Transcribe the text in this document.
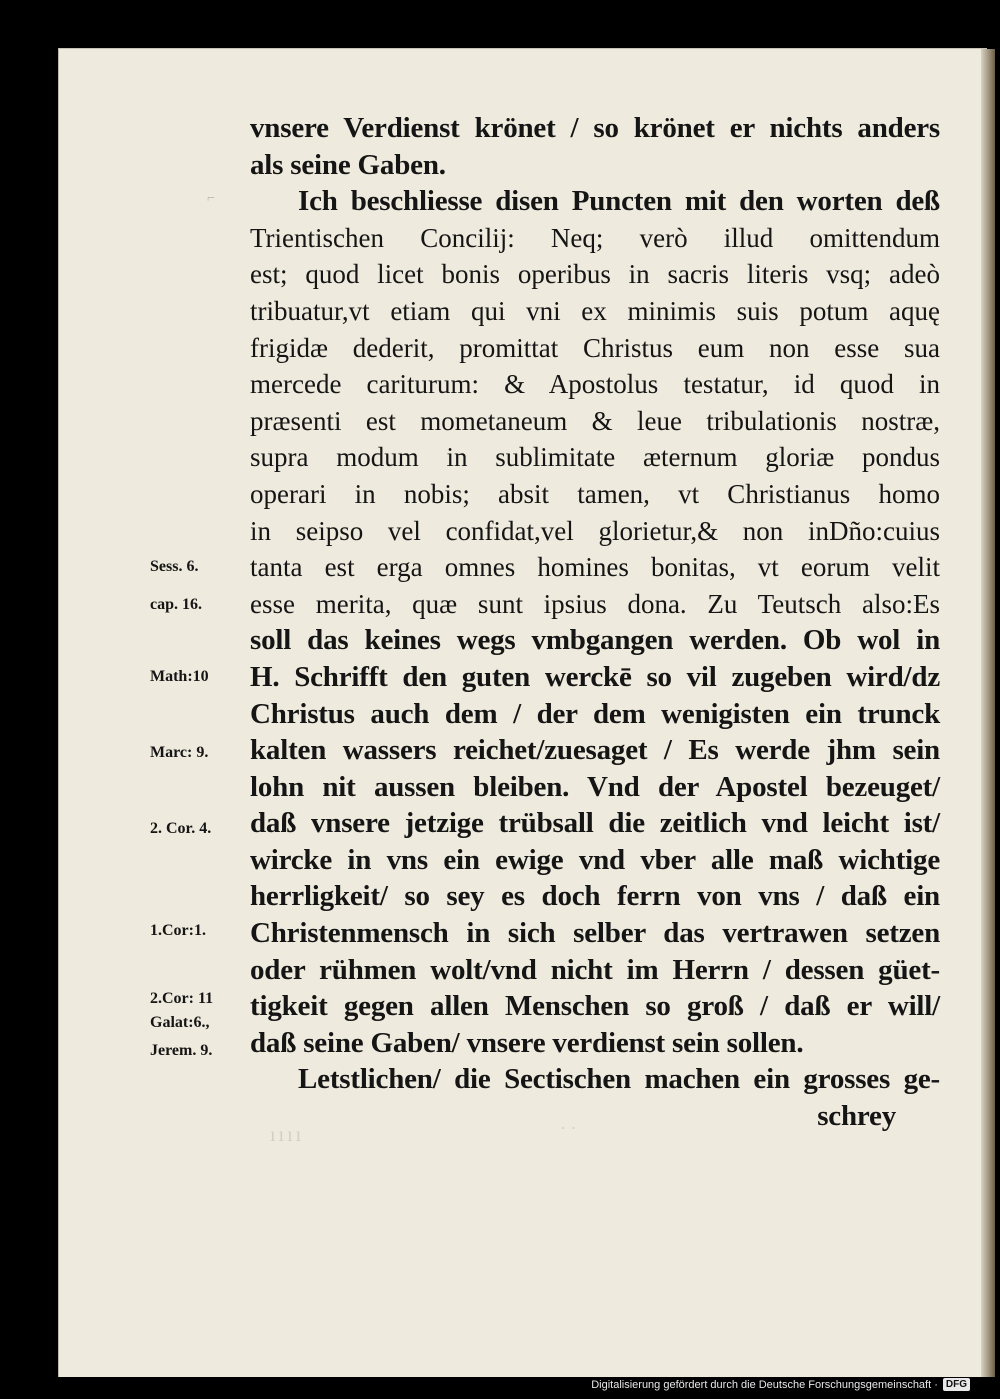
⌐
vnsere Verdienst krönet / so krönet er nichts anders
als seine Gaben.
Ich beschliesse disen Puncten mit den worten deß
Trientischen Concilij: Neq; verò illud omittendum
est; quod licet bonis operibus in sacris literis vsq; adeò
tribuatur,vt etiam qui vni ex minimis suis potum aquę
frigidæ dederit, promittat Christus eum non esse sua
mercede cariturum: & Apostolus testatur, id quod in
præsenti est mometaneum & leue tribulationis nostræ,
supra modum in sublimitate æternum gloriæ pondus
operari in nobis; absit tamen, vt Christianus homo
in seipso vel confidat,vel glorietur,& non inDño:cuius
tanta est erga omnes homines bonitas, vt eorum velit
esse merita, quæ sunt ipsius dona. Zu Teutsch also:Es
soll das keines wegs vmbgangen werden. Ob wol in
H. Schrifft den guten werckē so vil zugeben wird/dz
Christus auch dem / der dem wenigisten ein trunck
kalten wassers reichet/zuesaget / Es werde jhm sein
lohn nit aussen bleiben. Vnd der Apostel bezeuget/
daß vnsere jetzige trübsall die zeitlich vnd leicht ist/
wircke in vns ein ewige vnd vber alle maß wichtige
herrligkeit/ so sey es doch ferrn von vns / daß ein
Christenmensch in sich selber das vertrawen setzen
oder rühmen wolt/vnd nicht im Herrn / dessen güet-
tigkeit gegen allen Menschen so groß / daß er will/
daß seine Gaben/ vnsere verdienst sein sollen.
Letstlichen/ die Sectischen machen ein grosses ge-
schrey
Sess. 6.
cap. 16.
Math:10
Marc: 9.
2. Cor. 4.
1.Cor:1.
2.Cor: 11
Galat:6.,
Jerem. 9.
ıııı	· ·
Digitalisierung gefördert durch die Deutsche Forschungsgemeinschaft · DFG
